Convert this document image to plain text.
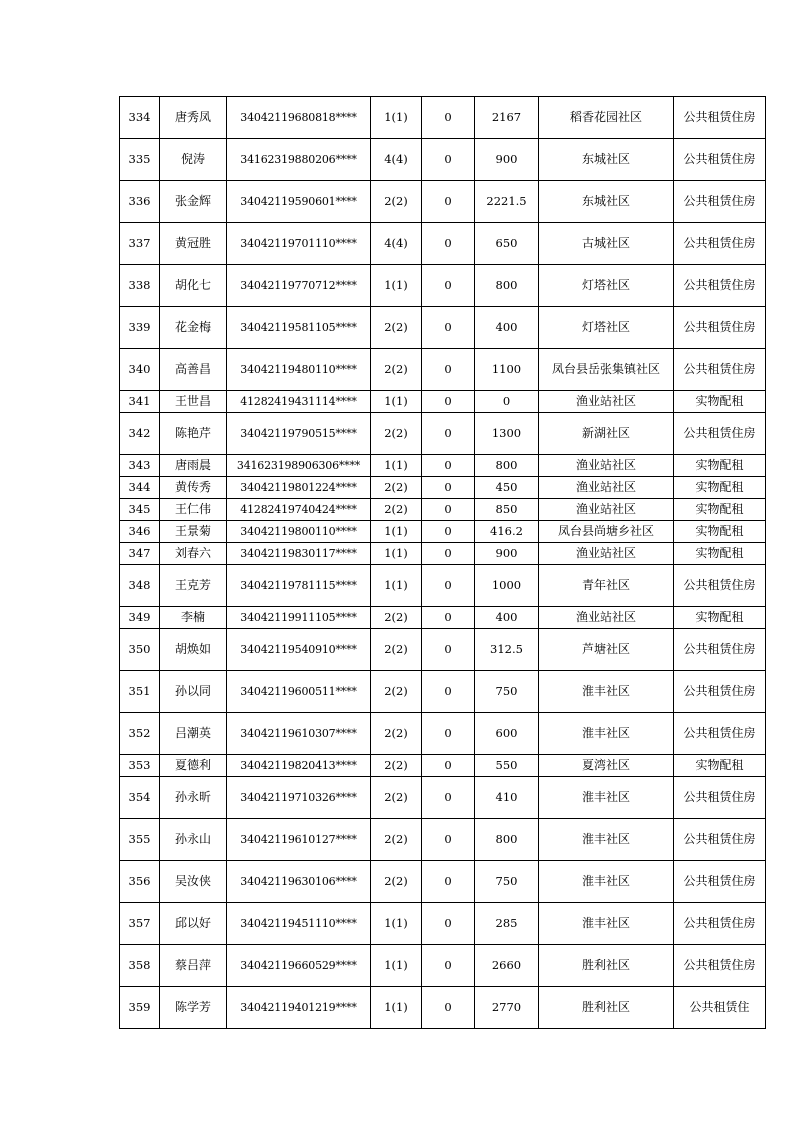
334	唐秀凤	34042119680818****	1(1)	0	2167	稻香花园社区	公共租赁住房
335	倪涛	34162319880206****	4(4)	0	900	东城社区	公共租赁住房
336	张金辉	34042119590601****	2(2)	0	2221.5	东城社区	公共租赁住房
337	黄冠胜	34042119701110****	4(4)	0	650	古城社区	公共租赁住房
338	胡化七	34042119770712****	1(1)	0	800	灯塔社区	公共租赁住房
339	花金梅	34042119581105****	2(2)	0	400	灯塔社区	公共租赁住房
340	高善昌	34042119480110****	2(2)	0	1100	凤台县岳张集镇社区	公共租赁住房
341	王世昌	41282419431114****	1(1)	0	0	渔业站社区	实物配租
342	陈艳芹	34042119790515****	2(2)	0	1300	新湖社区	公共租赁住房
343	唐雨晨	341623198906306****	1(1)	0	800	渔业站社区	实物配租
344	黄传秀	34042119801224****	2(2)	0	450	渔业站社区	实物配租
345	王仁伟	41282419740424****	2(2)	0	850	渔业站社区	实物配租
346	王景菊	34042119800110****	1(1)	0	416.2	凤台县尚塘乡社区	实物配租
347	刘春六	34042119830117****	1(1)	0	900	渔业站社区	实物配租
348	王克芳	34042119781115****	1(1)	0	1000	青年社区	公共租赁住房
349	李楠	34042119911105****	2(2)	0	400	渔业站社区	实物配租
350	胡焕如	34042119540910****	2(2)	0	312.5	芦塘社区	公共租赁住房
351	孙以同	34042119600511****	2(2)	0	750	淮丰社区	公共租赁住房
352	吕潮英	34042119610307****	2(2)	0	600	淮丰社区	公共租赁住房
353	夏德利	34042119820413****	2(2)	0	550	夏湾社区	实物配租
354	孙永昕	34042119710326****	2(2)	0	410	淮丰社区	公共租赁住房
355	孙永山	34042119610127****	2(2)	0	800	淮丰社区	公共租赁住房
356	吴汝侠	34042119630106****	2(2)	0	750	淮丰社区	公共租赁住房
357	邱以好	34042119451110****	1(1)	0	285	淮丰社区	公共租赁住房
358	蔡吕萍	34042119660529****	1(1)	0	2660	胜利社区	公共租赁住房
359	陈学芳	34042119401219****	1(1)	0	2770	胜利社区	公共租赁住
